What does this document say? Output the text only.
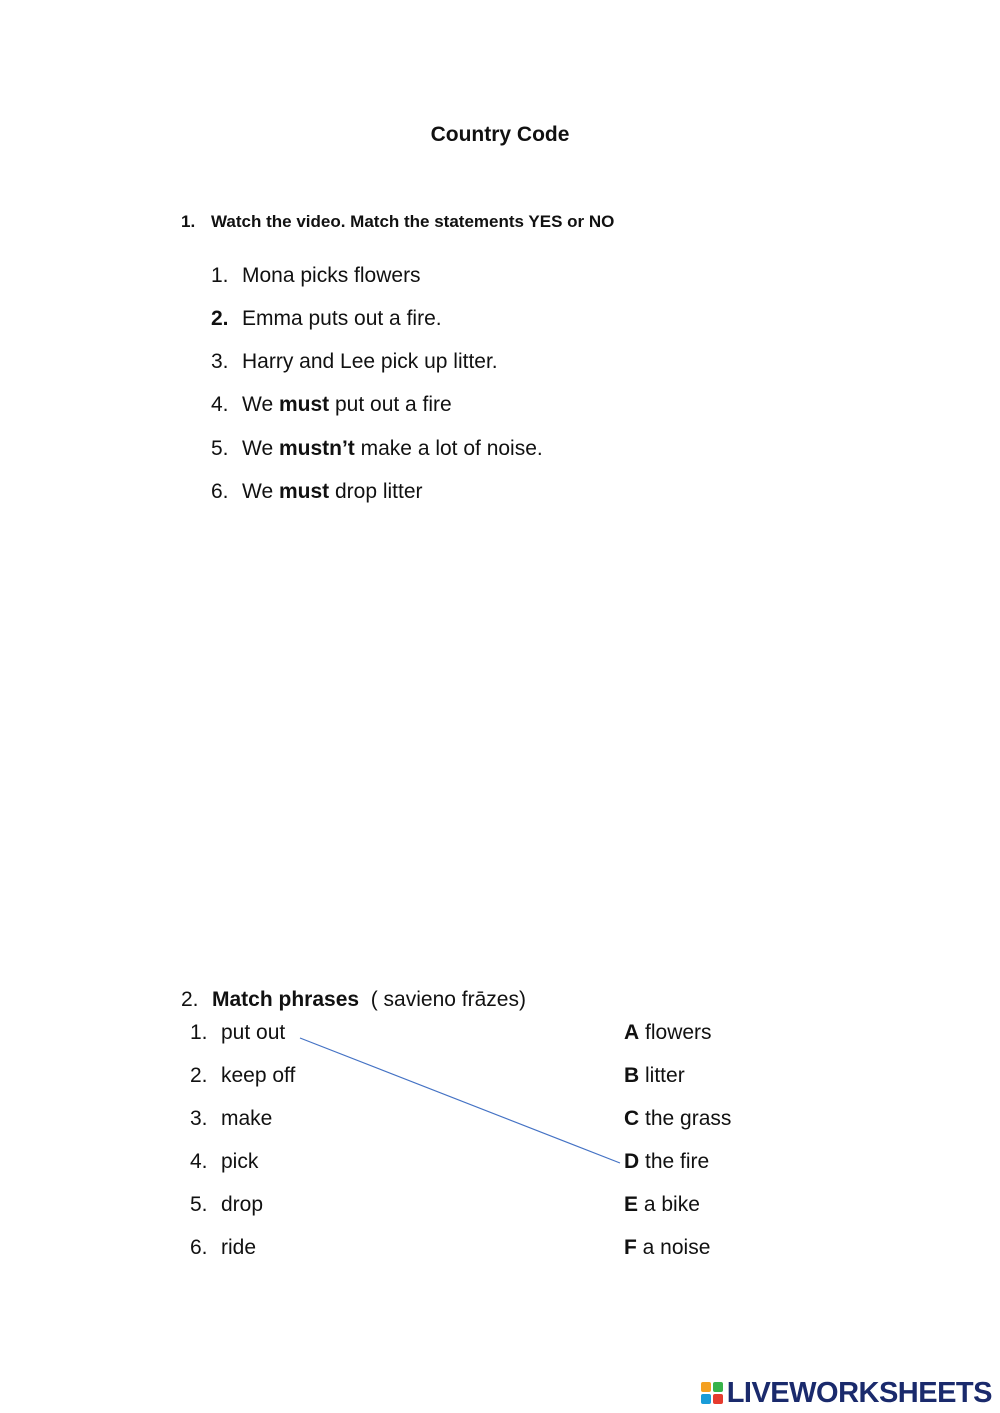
Country Code
1. Watch the video. Match the statements YES or NO
1. Mona picks flowers
2. Emma puts out a fire.
3. Harry and Lee pick up litter.
4. We must put out a fire
5. We mustn’t make a lot of noise.
6. We must drop litter
2. Match phrases ( savieno frāzes)
1. put out
2. keep off
3. make
4. pick
5. drop
6. ride
A flowers
B litter
C the grass
D the fire
E a bike
F a noise
LIVEWORKSHEETS
